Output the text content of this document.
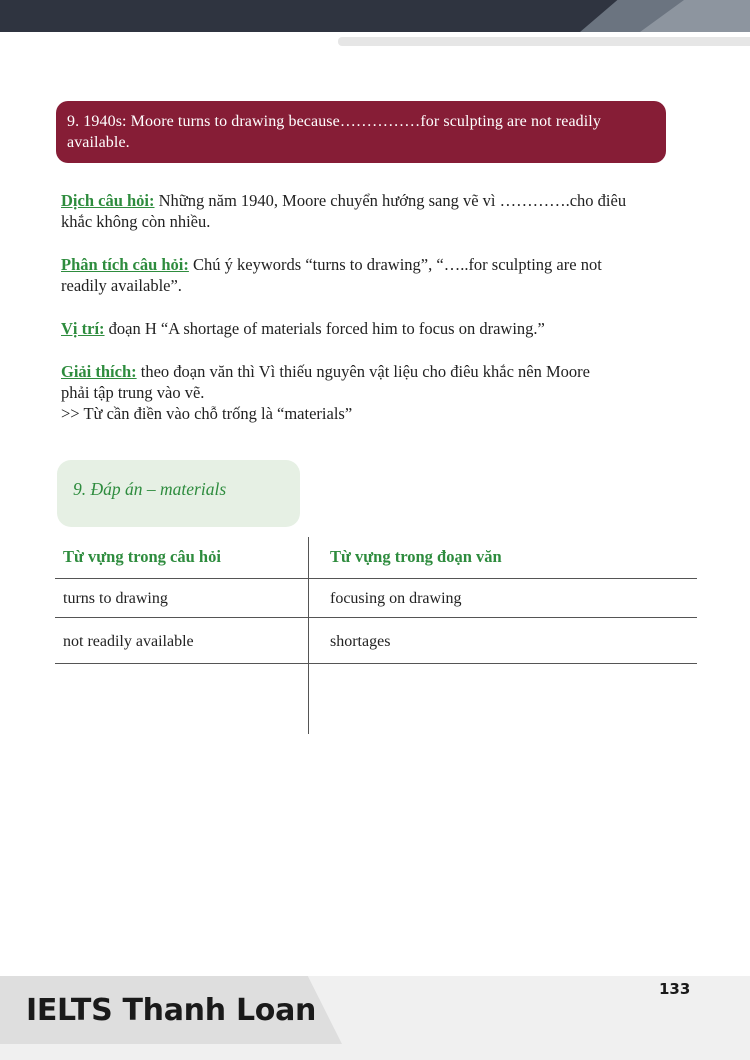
9. 1940s: Moore turns to drawing because……………for sculpting are not readily available.
Dịch câu hỏi: Những năm 1940, Moore chuyển hướng sang vẽ vì ………….cho điêu
khắc không còn nhiều.
Phân tích câu hỏi: Chú ý keywords “turns to drawing”, “…..for sculpting are not
readily available”.
Vị trí: đoạn H “A shortage of materials forced him to focus on drawing.”
Giải thích: theo đoạn văn thì Vì thiếu nguyên vật liệu cho điêu khắc nên Moore
phải tập trung vào vẽ.
>> Từ cần điền vào chỗ trống là “materials”
9. Đáp án – materials
Từ vựng trong câu hỏi	Từ vựng trong đoạn văn
turns to drawing	focusing on drawing
not readily available	shortages
IELTS Thanh Loan
133
